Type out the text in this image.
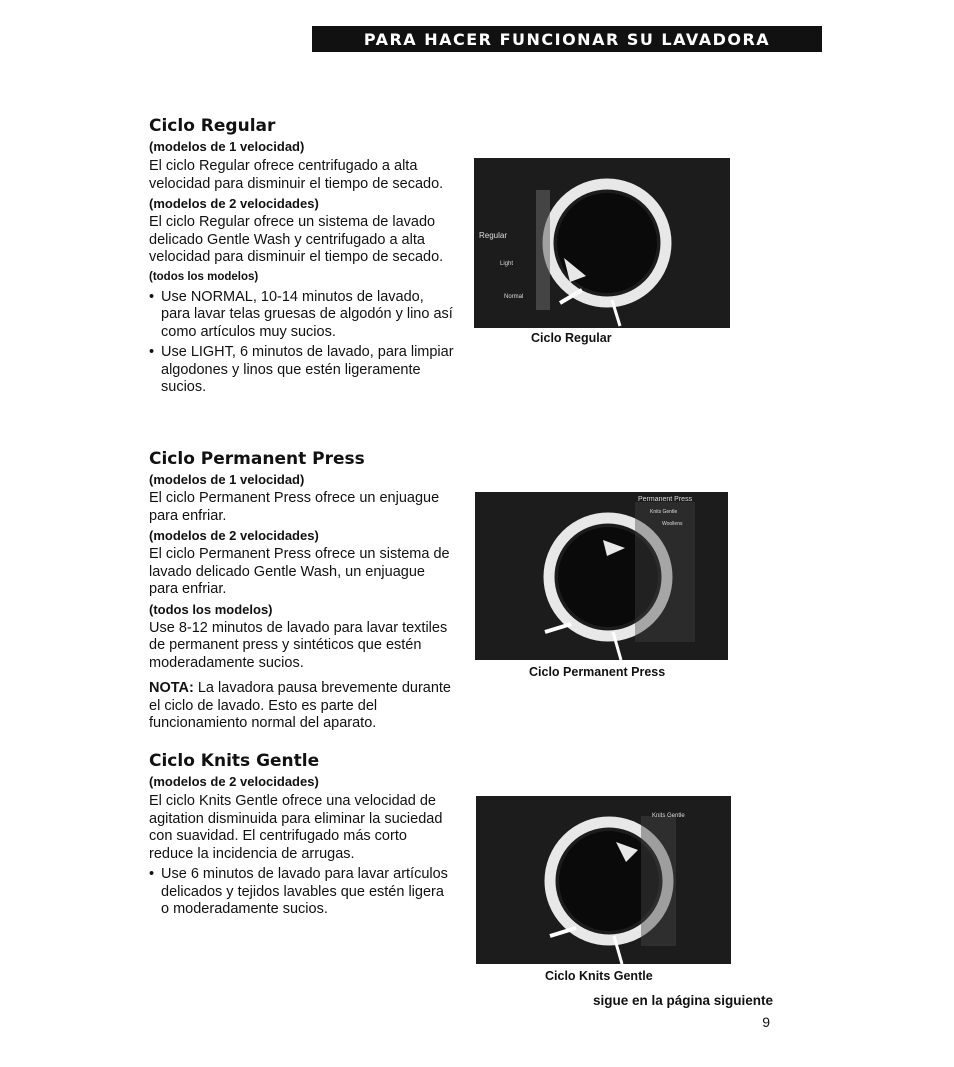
PARA HACER FUNCIONAR SU LAVADORA
Ciclo Regular
(modelos de 1 velocidad)

El ciclo Regular ofrece centrifugado a alta velocidad para disminuir el tiempo de secado.

(modelos de 2 velocidades)

El ciclo Regular ofrece un sistema de lavado delicado Gentle Wash y centrifugado a alta velocidad para disminuir el tiempo de secado.

(todos los modelos)
• Use NORMAL, 10-14 minutos de lavado, para lavar telas gruesas de algodón y lino así como artículos muy sucios.
• Use LIGHT, 6 minutos de lavado, para limpiar algodones y linos que estén ligeramente sucios.
Regular
Light
Normal
Ciclo Regular
Ciclo Permanent Press
(modelos de 1 velocidad)

El ciclo Permanent Press ofrece un enjuague para enfriar.

(modelos de 2 velocidades)

El ciclo Permanent Press ofrece un sistema de lavado delicado Gentle Wash, un enjuague para enfriar.

(todos los modelos)

Use 8-12 minutos de lavado para lavar textiles de permanent press y sintéticos que estén moderadamente sucios.

NOTA: La lavadora pausa brevemente durante el ciclo de lavado. Esto es parte del funcionamiento normal del aparato.

Permanent Press
Knits Gentle
Woollens
Ciclo Permanent Press
Ciclo Knits Gentle
(modelos de 2 velocidades)

El ciclo Knits Gentle ofrece una velocidad de agitation disminuida para eliminar la suciedad con suavidad. El centrifugado más corto reduce la incidencia de arrugas.

• Use 6 minutos de lavado para lavar artículos delicados y tejidos lavables que estén ligera o moderadamente sucios.
Knits Gentle
Ciclo Knits Gentle
sigue en la página siguiente
9
